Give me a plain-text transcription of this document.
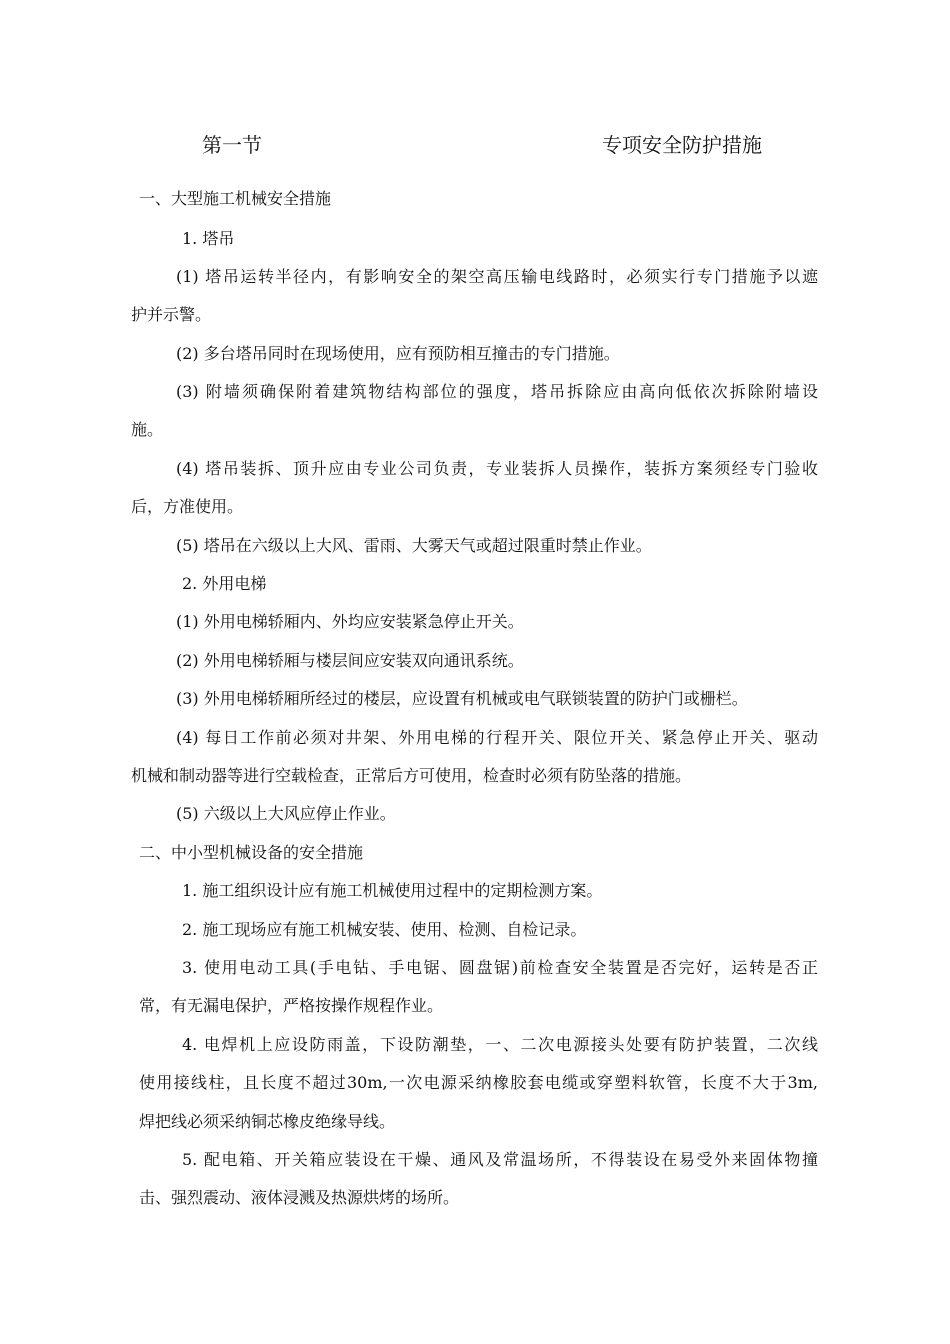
第一节	专项安全防护措施
一、大型施工机械安全措施
1. 塔吊
(1) 塔吊运转半径内，有影响安全的架空高压输电线路时，必须实行专门措施予以遮
护并示警。
(2) 多台塔吊同时在现场使用，应有预防相互撞击的专门措施。
(3) 附墙须确保附着建筑物结构部位的强度，塔吊拆除应由高向低依次拆除附墙设
施。
(4) 塔吊装拆、顶升应由专业公司负责，专业装拆人员操作，装拆方案须经专门验收
后，方准使用。
(5) 塔吊在六级以上大风、雷雨、大雾天气或超过限重时禁止作业。
2. 外用电梯
(1) 外用电梯轿厢内、外均应安装紧急停止开关。
(2) 外用电梯轿厢与楼层间应安装双向通讯系统。
(3) 外用电梯轿厢所经过的楼层，应设置有机械或电气联锁装置的防护门或栅栏。
(4) 每日工作前必须对井架、外用电梯的行程开关、限位开关、紧急停止开关、驱动
机械和制动器等进行空载检查，正常后方可使用，检查时必须有防坠落的措施。
(5) 六级以上大风应停止作业。
二、中小型机械设备的安全措施
1. 施工组织设计应有施工机械使用过程中的定期检测方案。
2. 施工现场应有施工机械安装、使用、检测、自检记录。
3. 使用电动工具(手电钻、手电锯、圆盘锯)前检查安全装置是否完好，运转是否正
常，有无漏电保护，严格按操作规程作业。
4. 电焊机上应设防雨盖，下设防潮垫，一、二次电源接头处要有防护装置，二次线
使用接线柱，且长度不超过30m,一次电源采纳橡胶套电缆或穿塑料软管，长度不大于3m,
焊把线必须采纳铜芯橡皮绝缘导线。
5. 配电箱、开关箱应装设在干燥、通风及常温场所，不得装设在易受外来固体物撞
击、强烈震动、液体浸溅及热源烘烤的场所。
